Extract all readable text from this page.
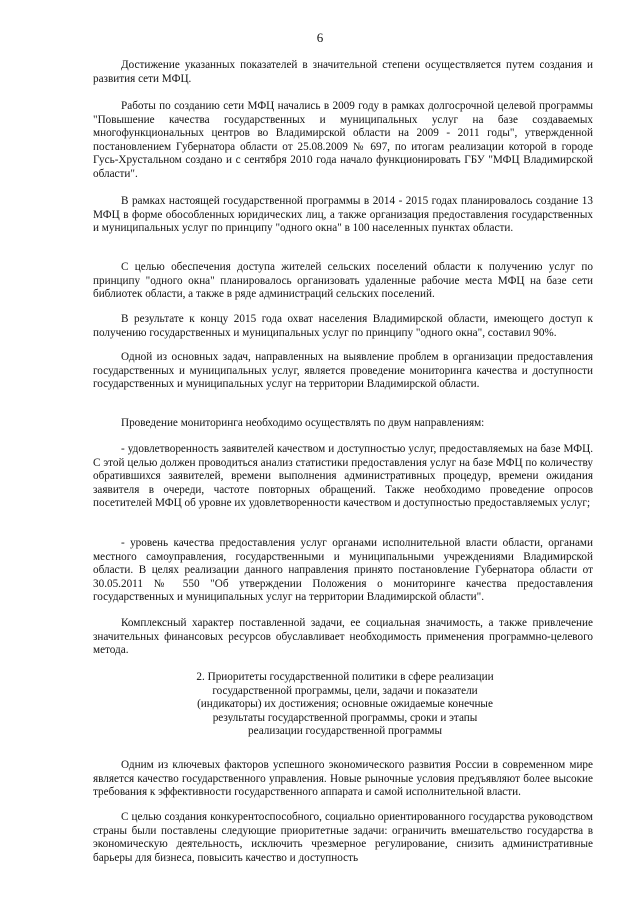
6

Достижение указанных показателей в значительной степени осуществляется путем создания и развития сети МФЦ.

Работы по созданию сети МФЦ начались в 2009 году в рамках долгосрочной целевой программы "Повышение качества государственных и муниципальных услуг на базе создаваемых многофункциональных центров во Владимирской области на 2009 - 2011 годы", утвержденной постановлением Губернатора области от 25.08.2009 № 697, по итогам реализации которой в городе Гусь-Хрустальном создано и с сентября 2010 года начало функционировать ГБУ "МФЦ Владимирской области".

В рамках настоящей государственной программы в 2014 - 2015 годах планировалось создание 13 МФЦ в форме обособленных юридических лиц, а также организация предоставления государственных и муниципальных услуг по принципу "одного окна" в 100 населенных пунктах области.

С целью обеспечения доступа жителей сельских поселений области к получению услуг по принципу "одного окна" планировалось организовать удаленные рабочие места МФЦ на базе сети библиотек области, а также в ряде администраций сельских поселений.

В результате к концу 2015 года охват населения Владимирской области, имеющего доступ к получению государственных и муниципальных услуг по принципу "одного окна", составил 90%.

Одной из основных задач, направленных на выявление проблем в организации предоставления государственных и муниципальных услуг, является проведение мониторинга качества и доступности государственных и муниципальных услуг на территории Владимирской области.

Проведение мониторинга необходимо осуществлять по двум направлениям:

- удовлетворенность заявителей качеством и доступностью услуг, предоставляемых на базе МФЦ. С этой целью должен проводиться анализ статистики предоставления услуг на базе МФЦ по количеству обратившихся заявителей, времени выполнения административных процедур, времени ожидания заявителя в очереди, частоте повторных обращений. Также необходимо проведение опросов посетителей МФЦ об уровне их удовлетворенности качеством и доступностью предоставляемых услуг;

- уровень качества предоставления услуг органами исполнительной власти области, органами местного самоуправления, государственными и муниципальными учреждениями Владимирской области. В целях реализации данного направления принято постановление Губернатора области от 30.05.2011 № 550 "Об утверждении Положения о мониторинге качества предоставления государственных и муниципальных услуг на территории Владимирской области".

Комплексный характер поставленной задачи, ее социальная значимость, а также привлечение значительных финансовых ресурсов обуславливает необходимость применения программно-целевого метода.

2. Приоритеты государственной политики в сфере реализации
государственной программы, цели, задачи и показатели
(индикаторы) их достижения; основные ожидаемые конечные
результаты государственной программы, сроки и этапы
реализации государственной программы

Одним из ключевых факторов успешного экономического развития России в современном мире является качество государственного управления. Новые рыночные условия предъявляют более высокие требования к эффективности государственного аппарата и самой исполнительной власти.

С целью создания конкурентоспособного, социально ориентированного государства руководством страны были поставлены следующие приоритетные задачи: ограничить вмешательство государства в экономическую деятельность, исключить чрезмерное регулирование, снизить административные барьеры для бизнеса, повысить качество и доступность
